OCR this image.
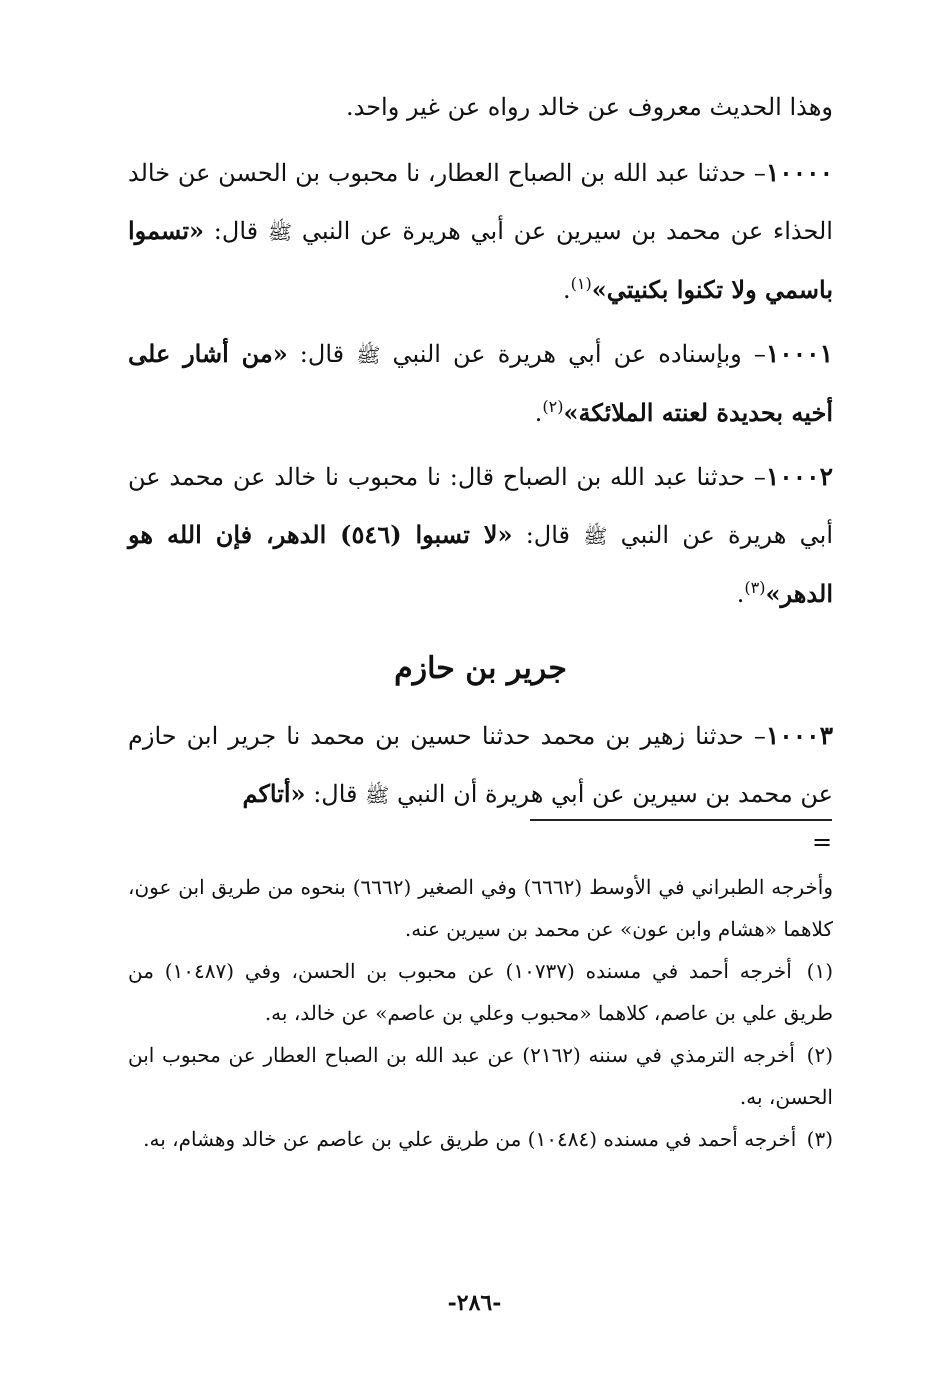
وهذا الحديث معروف عن خالد رواه عن غير واحد.

١٠٠٠٠– حدثنا عبد الله بن الصباح العطار، نا محبوب بن الحسن عن خالد الحذاء عن محمد بن سيرين عن أبي هريرة عن النبي ﷺ قال: «تسموا باسمي ولا تكنوا بكنيتي»$^{(١)}$.

١٠٠٠١– وبإسناده عن أبي هريرة عن النبي ﷺ قال: «من أشار على أخيه بحديدة لعنته الملائكة»$^{(٢)}$.

١٠٠٠٢– حدثنا عبد الله بن الصباح قال: نا محبوب نا خالد عن محمد عن أبي هريرة عن النبي ﷺ قال: «لا تسبوا (٥٤٦) الدهر، فإن الله هو الدهر»$^{(٣)}$.

جرير بن حازم

١٠٠٠٣– حدثنا زهير بن محمد حدثنا حسين بن محمد نا جرير ابن حازم عن محمد بن سيرين عن أبي هريرة أن النبي ﷺ قال: «أتاكم

=

وأخرجه الطبراني في الأوسط (٦٦٦٢) وفي الصغير (٦٦٦٢) بنحوه من طريق ابن عون، كلاهما «هشام وابن عون» عن محمد بن سيرين عنه.

(١) أخرجه أحمد في مسنده (١٠٧٣٧) عن محبوب بن الحسن، وفي (١٠٤٨٧) من طريق علي بن عاصم، كلاهما «محبوب وعلي بن عاصم» عن خالد، به.

(٢) أخرجه الترمذي في سننه (٢١٦٢) عن عبد الله بن الصباح العطار عن محبوب ابن الحسن، به.

(٣) أخرجه أحمد في مسنده (١٠٤٨٤) من طريق علي بن عاصم عن خالد وهشام، به.

-٢٨٦-
